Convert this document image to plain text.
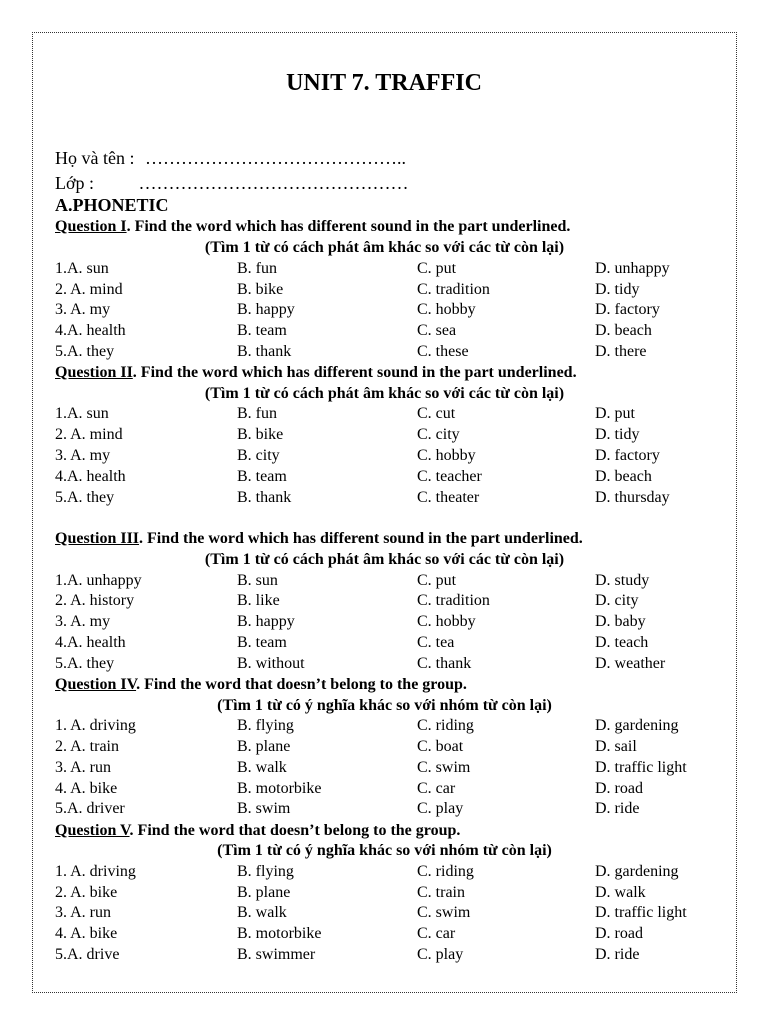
UNIT 7. TRAFFIC
Họ và tên : ……………………………………..
Lớp : ………………………………………
A.PHONETIC
Question I. Find the word which has different sound in the part underlined.
(Tìm 1 từ có cách phát âm khác so với các từ còn lại)
1.A. sun	B. fun	C. put	D. unhappy
2. A. mind	B. bike	C. tradition	D. tidy
3. A. my	B. happy	C. hobby	D. factory
4.A. health	B. team	C. sea	D. beach
5.A. they	B. thank	C. these	D. there
Question II. Find the word which has different sound in the part underlined.
(Tìm 1 từ có cách phát âm khác so với các từ còn lại)
1.A. sun	B. fun	C. cut	D. put
2. A. mind	B. bike	C. city	D. tidy
3. A. my	B. city	C. hobby	D. factory
4.A. health	B. team	C. teacher	D. beach
5.A. they	B. thank	C. theater	D. thursday
Question III. Find the word which has different sound in the part underlined.
(Tìm 1 từ có cách phát âm khác so với các từ còn lại)
1.A. unhappy	B. sun	C. put	D. study
2. A. history	B. like	C. tradition	D. city
3. A. my	B. happy	C. hobby	D. baby
4.A. health	B. team	C. tea	D. teach
5.A. they	B. without	C. thank	D. weather
Question IV. Find the word that doesn’t belong to the group.
(Tìm 1 từ có ý nghĩa khác so với nhóm từ còn lại)
1. A. driving	B. flying	C. riding	D. gardening
2. A. train	B. plane	C. boat	D. sail
3. A. run	B. walk	C. swim	D. traffic light
4. A. bike	B. motorbike	C. car	D. road
5.A. driver	B. swim	C. play	D. ride
Question V. Find the word that doesn’t belong to the group.
(Tìm 1 từ có ý nghĩa khác so với nhóm từ còn lại)
1. A. driving	B. flying	C. riding	D. gardening
2. A. bike	B. plane	C. train	D. walk
3. A. run	B. walk	C. swim	D. traffic light
4. A. bike	B. motorbike	C. car	D. road
5.A. drive	B. swimmer	C. play	D. ride
